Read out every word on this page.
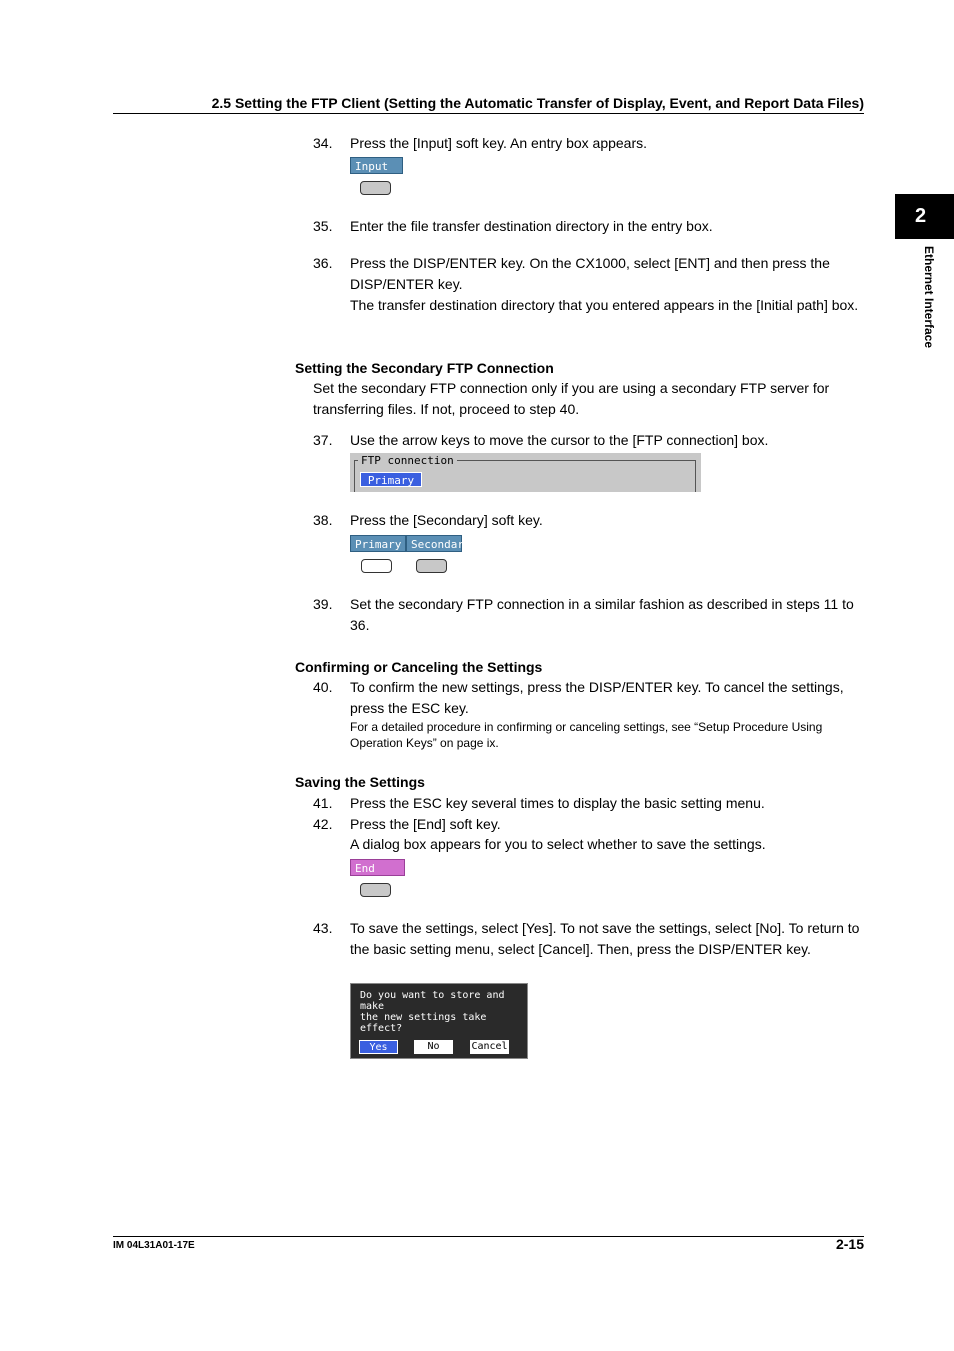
2.5 Setting the FTP Client (Setting the Automatic Transfer of Display, Event, and Report Data Files)
2
Ethernet Interface
34. Press the [Input] soft key. An entry box appears.
Input
35. Enter the file transfer destination directory in the entry box.
36. Press the DISP/ENTER key. On the CX1000, select [ENT] and then press the DISP/ENTER key.
The transfer destination directory that you entered appears in the [Initial path] box.
Setting the Secondary FTP Connection
Set the secondary FTP connection only if you are using a secondary FTP server for transferring files. If not, proceed to step 40.
37. Use the arrow keys to move the cursor to the [FTP connection] box.
FTP connection
Primary
38. Press the [Secondary] soft key.
Primary Secondary
39. Set the secondary FTP connection in a similar fashion as described in steps 11 to 36.
Confirming or Canceling the Settings
40. To confirm the new settings, press the DISP/ENTER key. To cancel the settings, press the ESC key.
For a detailed procedure in confirming or canceling settings, see “Setup Procedure Using Operation Keys” on page ix.
Saving the Settings
41. Press the ESC key several times to display the basic setting menu.
42. Press the [End] soft key.
A dialog box appears for you to select whether to save the settings.
End
43. To save the settings, select [Yes]. To not save the settings, select [No]. To return to the basic setting menu, select [Cancel]. Then, press the DISP/ENTER key.
Do you want to store and make
the new settings take effect?
Yes	No	Cancel
IM 04L31A01-17E	2-15
